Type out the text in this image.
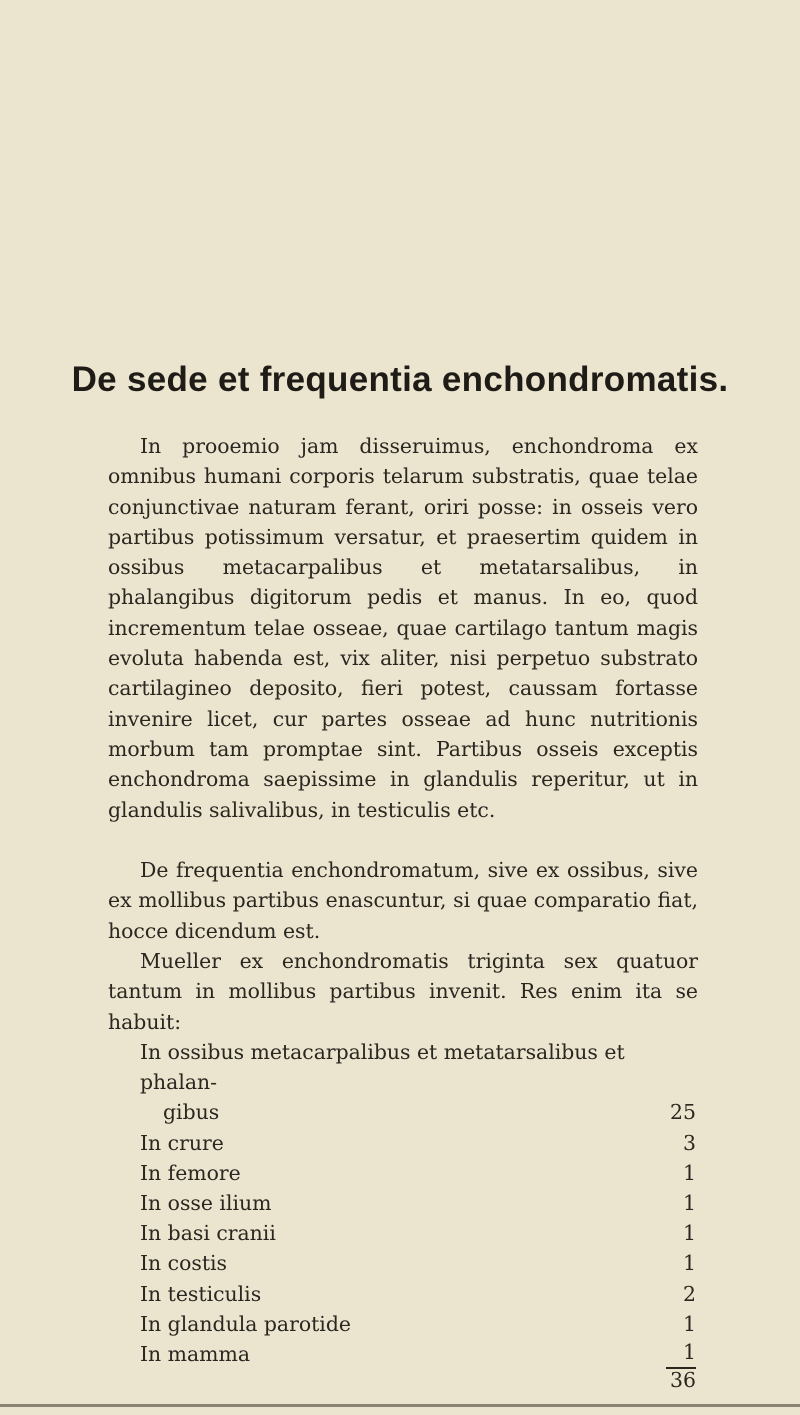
De sede et frequentia enchondromatis.

In prooemio jam disseruimus, enchondroma ex omnibus humani corporis telarum substratis, quae telae conjunctivae naturam ferant, oriri posse: in osseis vero partibus potissimum versatur, et praesertim quidem in ossibus metacarpalibus et metatarsalibus, in phalangibus digitorum pedis et manus. In eo, quod incrementum telae osseae, quae cartilago tantum magis evoluta habenda est, vix aliter, nisi perpetuo substrato cartilagineo deposito, fieri potest, caussam fortasse invenire licet, cur partes osseae ad hunc nutritionis morbum tam promptae sint. Partibus osseis exceptis enchondroma saepissime in glandulis reperitur, ut in glandulis salivalibus, in testiculis etc.

De frequentia enchondromatum, sive ex ossibus, sive ex mollibus partibus enascuntur, si quae comparatio fiat, hocce dicendum est.

Mueller ex enchondromatis triginta sex quatuor tantum in mollibus partibus invenit. Res enim ita se habuit:

In ossibus metacarpalibus et metatarsalibus et phalan-
gibus	25
In crure	3
In femore	1
In osse ilium	1
In basi cranii	1
In costis	1
In testiculis	2
In glandula parotide	1
In mamma	1
36
